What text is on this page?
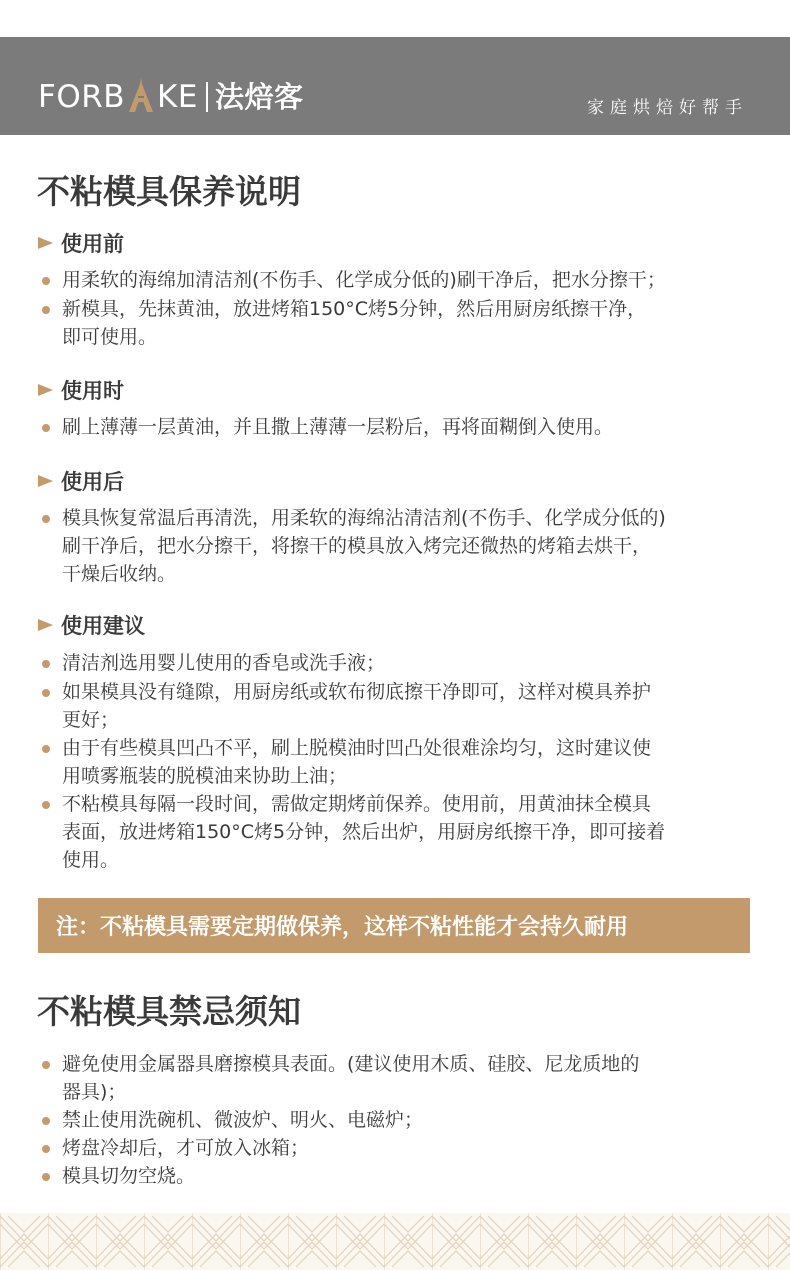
FORB KE 法焙客	家庭烘焙好帮手
不粘模具保养说明
使用前
用柔软的海绵加清洁剂(不伤手、化学成分低的)刷干净后，把水分擦干；
新模具，先抹黄油，放进烤箱150°C烤5分钟，然后用厨房纸擦干净，
即可使用。
使用时
刷上薄薄一层黄油，并且撒上薄薄一层粉后，再将面糊倒入使用。
使用后
模具恢复常温后再清洗，用柔软的海绵沾清洁剂(不伤手、化学成分低的)
刷干净后，把水分擦干，将擦干的模具放入烤完还微热的烤箱去烘干，
干燥后收纳。
使用建议
清洁剂选用婴儿使用的香皂或洗手液；
如果模具没有缝隙，用厨房纸或软布彻底擦干净即可，这样对模具养护
更好；
由于有些模具凹凸不平，刷上脱模油时凹凸处很难涂均匀，这时建议使
用喷雾瓶装的脱模油来协助上油；
不粘模具每隔一段时间，需做定期烤前保养。使用前，用黄油抹全模具
表面，放进烤箱150°C烤5分钟，然后出炉，用厨房纸擦干净，即可接着
使用。
注：不粘模具需要定期做保养，这样不粘性能才会持久耐用
不粘模具禁忌须知
避免使用金属器具磨擦模具表面。(建议使用木质、硅胶、尼龙质地的
器具)；
禁止使用洗碗机、微波炉、明火、电磁炉；
烤盘冷却后，才可放入冰箱；
模具切勿空烧。
